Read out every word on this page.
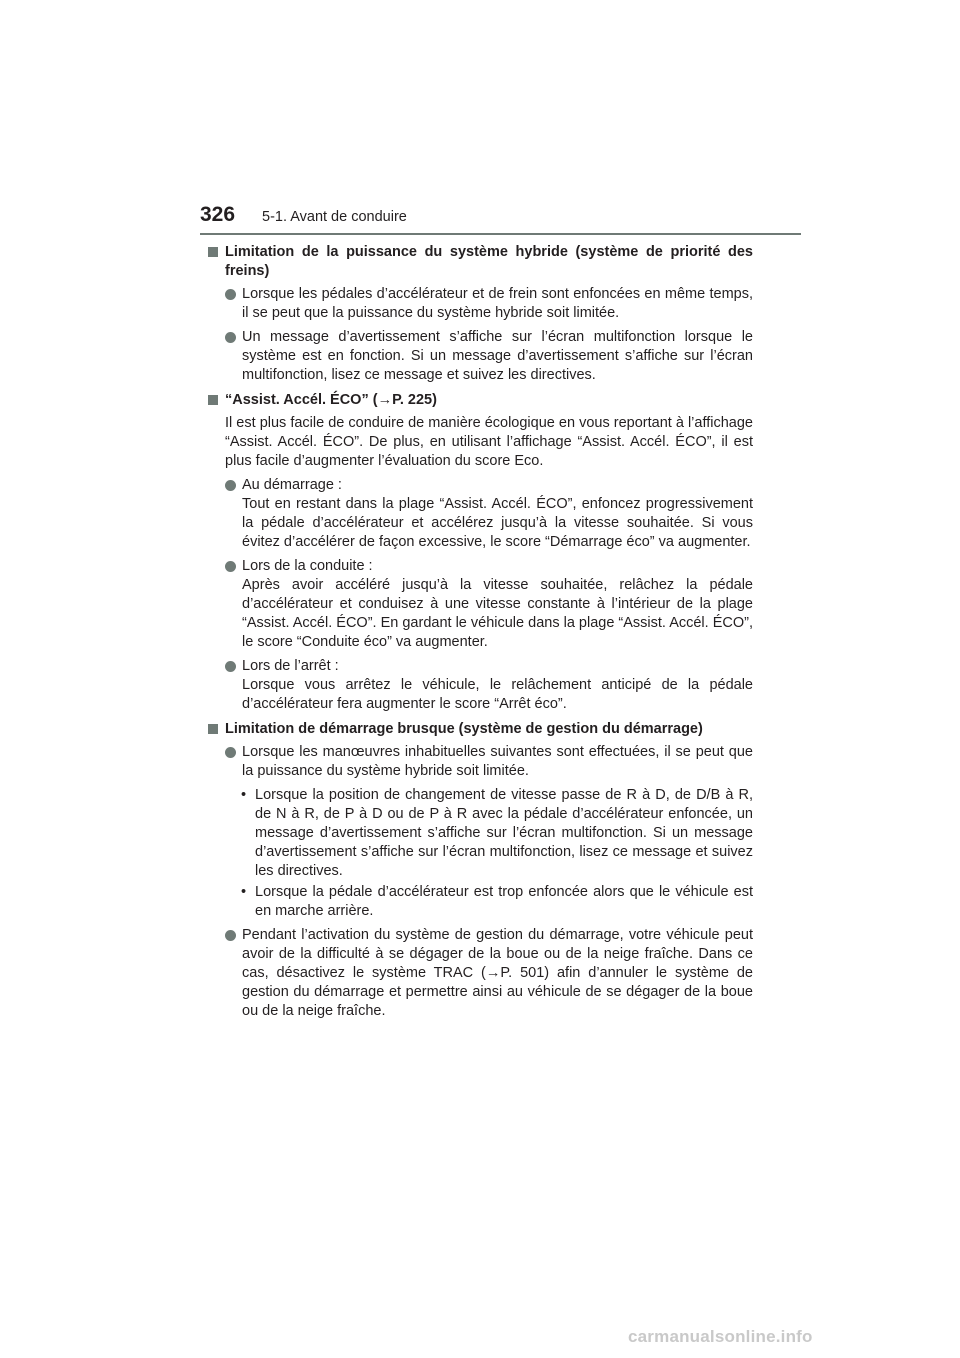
326 5-1. Avant de conduire
Limitation de la puissance du système hybride (système de priorité des freins)
Lorsque les pédales d’accélérateur et de frein sont enfoncées en même temps, il se peut que la puissance du système hybride soit limitée.
Un message d’avertissement s’affiche sur l’écran multifonction lorsque le système est en fonction. Si un message d’avertissement s’affiche sur l’écran multifonction, lisez ce message et suivez les directives.
“Assist. Accél. ÉCO” (→P. 225)
Il est plus facile de conduire de manière écologique en vous reportant à l’affichage “Assist. Accél. ÉCO”. De plus, en utilisant l’affichage “Assist. Accél. ÉCO”, il est plus facile d’augmenter l’évaluation du score Eco.
Au démarrage :
Tout en restant dans la plage “Assist. Accél. ÉCO”, enfoncez progressivement la pédale d’accélérateur et accélérez jusqu’à la vitesse souhaitée. Si vous évitez d’accélérer de façon excessive, le score “Démarrage éco” va augmenter.
Lors de la conduite :
Après avoir accéléré jusqu’à la vitesse souhaitée, relâchez la pédale d’accélérateur et conduisez à une vitesse constante à l’intérieur de la plage “Assist. Accél. ÉCO”. En gardant le véhicule dans la plage “Assist. Accél. ÉCO”, le score “Conduite éco” va augmenter.
Lors de l’arrêt :
Lorsque vous arrêtez le véhicule, le relâchement anticipé de la pédale d’accélérateur fera augmenter le score “Arrêt éco”.
Limitation de démarrage brusque (système de gestion du démarrage)
Lorsque les manœuvres inhabituelles suivantes sont effectuées, il se peut que la puissance du système hybride soit limitée.
• Lorsque la position de changement de vitesse passe de R à D, de D/B à R, de N à R, de P à D ou de P à R avec la pédale d’accélérateur enfoncée, un message d’avertissement s’affiche sur l’écran multifonction. Si un message d’avertissement s’affiche sur l’écran multifonction, lisez ce message et suivez les directives.
• Lorsque la pédale d’accélérateur est trop enfoncée alors que le véhicule est en marche arrière.
Pendant l’activation du système de gestion du démarrage, votre véhicule peut avoir de la difficulté à se dégager de la boue ou de la neige fraîche. Dans ce cas, désactivez le système TRAC (→P. 501) afin d’annuler le système de gestion du démarrage et permettre ainsi au véhicule de se dégager de la boue ou de la neige fraîche.
carmanualsonline.info
